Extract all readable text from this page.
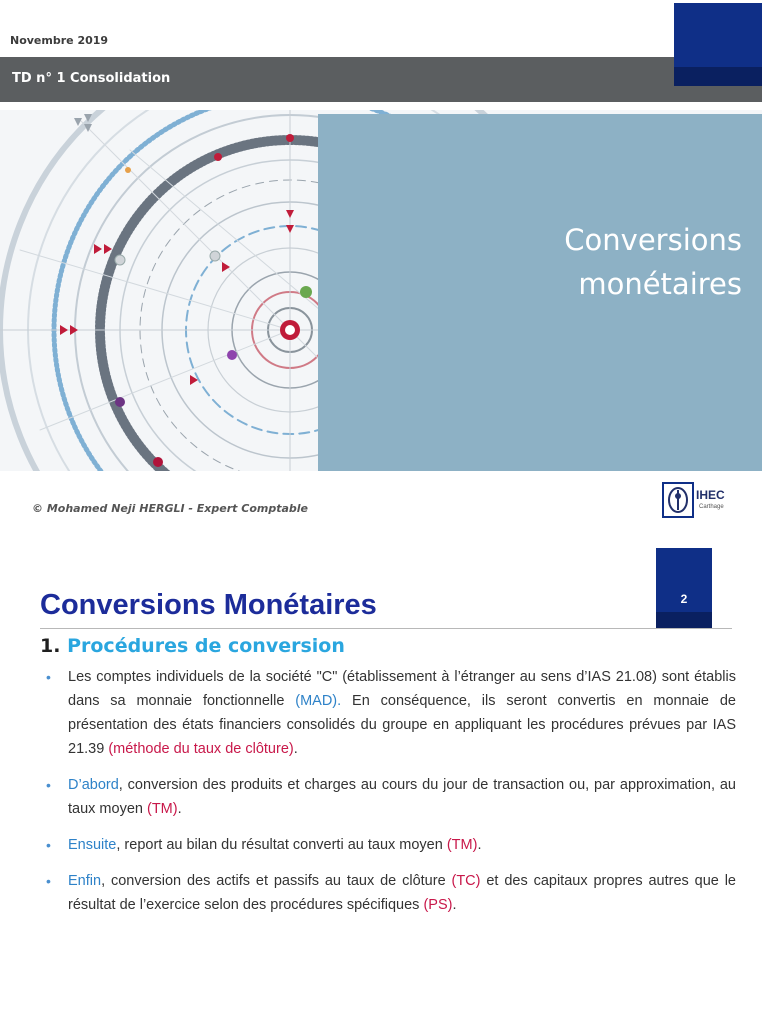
Novembre 2019
TD n° 1 Consolidation
Conversions
monétaires
© Mohamed Neji HERGLI - Expert Comptable
IHEC
Carthage
2
Conversions Monétaires
1. Procédures de conversion
• Les comptes individuels de la société "C" (établissement à l’étranger au sens d’IAS 21.08) sont établis dans sa monnaie fonctionnelle (MAD). En conséquence, ils seront convertis en monnaie de présentation des états financiers consolidés du groupe en appliquant les procédures prévues par IAS 21.39 (méthode du taux de clôture).
• D’abord, conversion des produits et charges au cours du jour de transaction ou, par approximation, au taux moyen (TM).
• Ensuite, report au bilan du résultat converti au taux moyen (TM).
• Enfin, conversion des actifs et passifs au taux de clôture (TC) et des capitaux propres autres que le résultat de l’exercice selon des procédures spécifiques (PS).
